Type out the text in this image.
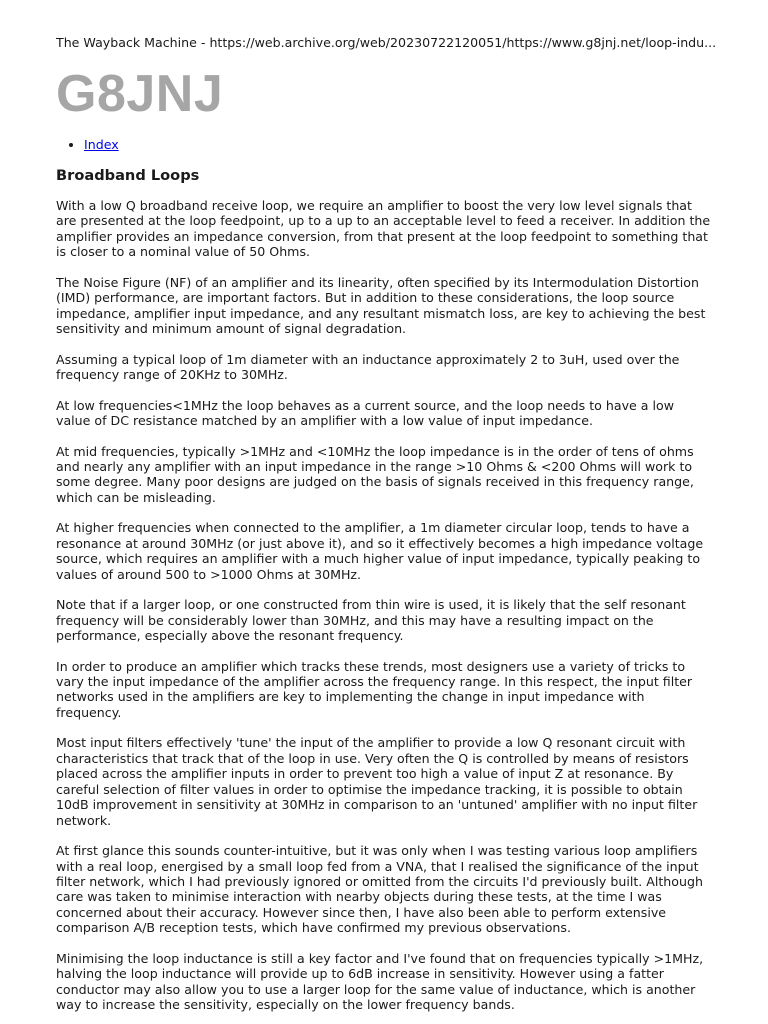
The Wayback Machine - https://web.archive.org/web/20230722120051/https://www.g8jnj.net/loop-indu...
G8JNJ
• Index
Broadband Loops

With a low Q broadband receive loop, we require an amplifier to boost the very low level signals that are presented at the loop feedpoint, up to a up to an acceptable level to feed a receiver. In addition the amplifier provides an impedance conversion, from that present at the loop feedpoint to something that is closer to a nominal value of 50 Ohms.

The Noise Figure (NF) of an amplifier and its linearity, often specified by its Intermodulation Distortion (IMD) performance, are important factors. But in addition to these considerations, the loop source impedance, amplifier input impedance, and any resultant mismatch loss, are key to achieving the best sensitivity and minimum amount of signal degradation.

Assuming a typical loop of 1m diameter with an inductance approximately 2 to 3uH, used over the frequency range of 20KHz to 30MHz.

At low frequencies<1MHz the loop behaves as a current source, and the loop needs to have a low value of DC resistance matched by an amplifier with a low value of input impedance.

At mid frequencies, typically >1MHz and <10MHz the loop impedance is in the order of tens of ohms and nearly any amplifier with an input impedance in the range >10 Ohms & <200 Ohms will work to some degree. Many poor designs are judged on the basis of signals received in this frequency range, which can be misleading.

At higher frequencies when connected to the amplifier, a 1m diameter circular loop, tends to have a resonance at around 30MHz (or just above it), and so it effectively becomes a high impedance voltage source, which requires an amplifier with a much higher value of input impedance, typically peaking to values of around 500 to >1000 Ohms at 30MHz.

Note that if a larger loop, or one constructed from thin wire is used, it is likely that the self resonant frequency will be considerably lower than 30MHz, and this may have a resulting impact on the performance, especially above the resonant frequency.

In order to produce an amplifier which tracks these trends, most designers use a variety of tricks to vary the input impedance of the amplifier across the frequency range. In this respect, the input filter networks used in the amplifiers are key to implementing the change in input impedance with frequency.

Most input filters effectively 'tune' the input of the amplifier to provide a low Q resonant circuit with characteristics that track that of the loop in use. Very often the Q is controlled by means of resistors placed across the amplifier inputs in order to prevent too high a value of input Z at resonance. By careful selection of filter values in order to optimise the impedance tracking, it is possible to obtain 10dB improvement in sensitivity at 30MHz in comparison to an 'untuned' amplifier with no input filter network.

At first glance this sounds counter-intuitive, but it was only when I was testing various loop amplifiers with a real loop, energised by a small loop fed from a VNA, that I realised the significance of the input filter network, which I had previously ignored or omitted from the circuits I'd previously built. Although care was taken to minimise interaction with nearby objects during these tests, at the time I was concerned about their accuracy. However since then, I have also been able to perform extensive comparison A/B reception tests, which have confirmed my previous observations.

Minimising the loop inductance is still a key factor and I've found that on frequencies typically >1MHz, halving the loop inductance will provide up to 6dB increase in sensitivity. However using a fatter conductor may also allow you to use a larger loop for the same value of inductance, which is another way to increase the sensitivity, especially on the lower frequency bands.
